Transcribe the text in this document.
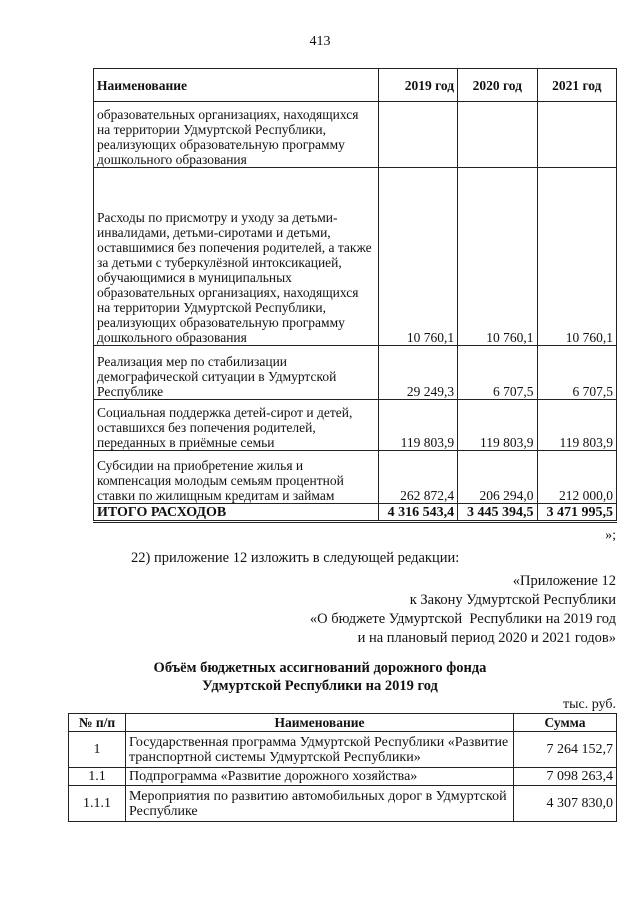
413
Наименование	2019 год	2020 год	2021 год
образовательных организациях, находящихся на территории Удмуртской Республики, реализующих образовательную программу дошкольного образования			
Расходы по присмотру и уходу за детьми-инвалидами, детьми-сиротами и детьми, оставшимися без попечения родителей, а также за детьми с туберкулёзной интоксикацией, обучающимися в муниципальных образовательных организациях, находящихся на территории Удмуртской Республики, реализующих образовательную программу дошкольного образования	10 760,1	10 760,1	10 760,1
Реализация мер по стабилизации демографической ситуации в Удмуртской Республике	29 249,3	6 707,5	6 707,5
Социальная поддержка детей-сирот и детей, оставшихся без попечения родителей, переданных в приёмные семьи	119 803,9	119 803,9	119 803,9
Субсидии на приобретение жилья и компенсация молодым семьям процентной ставки по жилищным кредитам и займам	262 872,4	206 294,0	212 000,0
ИТОГО РАСХОДОВ	4 316 543,4	3 445 394,5	3 471 995,5
»;
22) приложение 12 изложить в следующей редакции:
«Приложение 12
к Закону Удмуртской Республики
«О бюджете Удмуртской  Республики на 2019 год
и на плановый период 2020 и 2021 годов»
Объём бюджетных ассигнований дорожного фонда
Удмуртской Республики на 2019 год
тыс. руб.
№ п/п	Наименование	Сумма
1	Государственная программа Удмуртской Республики «Развитие транспортной системы Удмуртской Республики»	7 264 152,7
1.1	Подпрограмма «Развитие дорожного хозяйства»	7 098 263,4
1.1.1	Мероприятия по развитию автомобильных дорог в Удмуртской Республике	4 307 830,0
